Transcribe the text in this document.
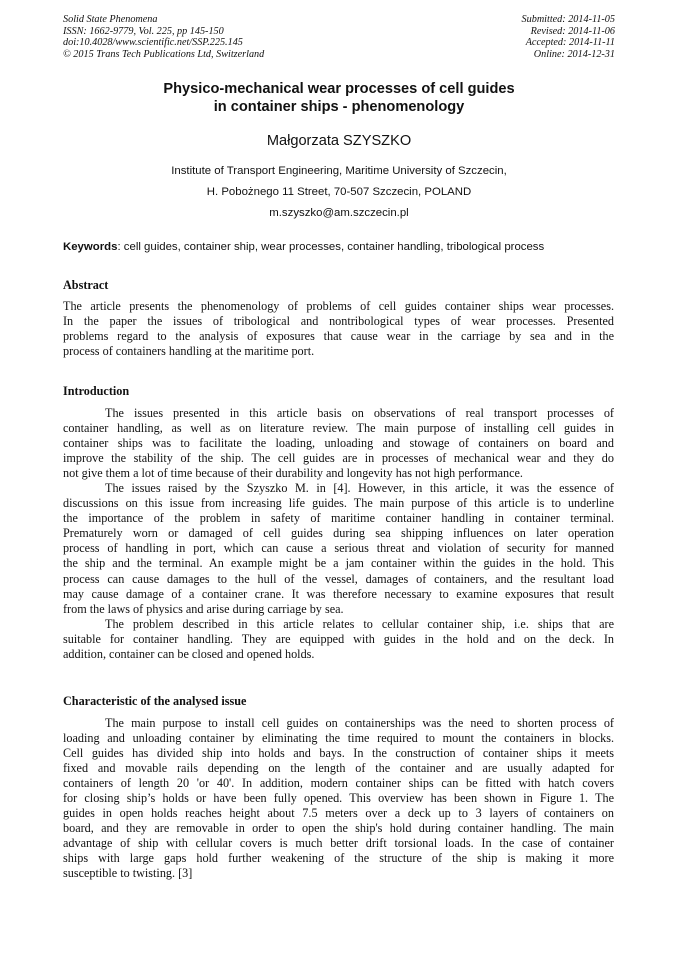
Solid State Phenomena
ISSN: 1662-9779, Vol. 225, pp 145-150
doi:10.4028/www.scientific.net/SSP.225.145
© 2015 Trans Tech Publications Ltd, Switzerland
Submitted: 2014-11-05
Revised: 2014-11-06
Accepted: 2014-11-11
Online: 2014-12-31
Physico-mechanical wear processes of cell guides
in container ships - phenomenology
Małgorzata SZYSZKO
Institute of Transport Engineering, Maritime University of Szczecin,
H. Pobożnego 11 Street, 70-507 Szczecin, POLAND
m.szyszko@am.szczecin.pl
Keywords: cell guides, container ship, wear processes, container handling, tribological process
Abstract
The article presents the phenomenology of problems of cell guides container ships wear processes.
In the paper the issues of tribological and nontribological types of wear processes. Presented
problems regard to the analysis of exposures that cause wear in the carriage by sea and in the
process of containers handling at the maritime port.
Introduction
The issues presented in this article basis on observations of real transport processes of
container handling, as well as on literature review. The main purpose of installing cell guides in
container ships was to facilitate the loading, unloading and stowage of containers on board and
improve the stability of the ship. The cell guides are in processes of mechanical wear and they do
not give them a lot of time because of their durability and longevity has not high performance.
The issues raised by the Szyszko M. in [4]. However, in this article, it was the essence of
discussions on this issue from increasing life guides. The main purpose of this article is to underline
the importance of the problem in safety of maritime container handling in container terminal.
Prematurely worn or damaged of cell guides during sea shipping influences on later operation
process of handling in port, which can cause a serious threat and violation of security for manned
the ship and the terminal. An example might be a jam container within the guides in the hold. This
process can cause damages to the hull of the vessel, damages of containers, and the resultant load
may cause damage of a container crane. It was therefore necessary to examine exposures that result
from the laws of physics and arise during carriage by sea.
The problem described in this article relates to cellular container ship, i.e. ships that are
suitable for container handling. They are equipped with guides in the hold and on the deck. In
addition, container can be closed and opened holds.
Characteristic of the analysed issue
The main purpose to install cell guides on containerships was the need to shorten process of
loading and unloading container by eliminating the time required to mount the containers in blocks.
Cell guides has divided ship into holds and bays. In the construction of container ships it meets
fixed and movable rails depending on the length of the container and are usually adapted for
containers of length 20 'or 40'. In addition, modern container ships can be fitted with hatch covers
for closing ship’s holds or have been fully opened. This overview has been shown in Figure 1. The
guides in open holds reaches height about 7.5 meters over a deck up to 3 layers of containers on
board, and they are removable in order to open the ship's hold during container handling. The main
advantage of ship with cellular covers is much better drift torsional loads. In the case of container
ships with large gaps hold further weakening of the structure of the ship is making it more
susceptible to twisting. [3]
